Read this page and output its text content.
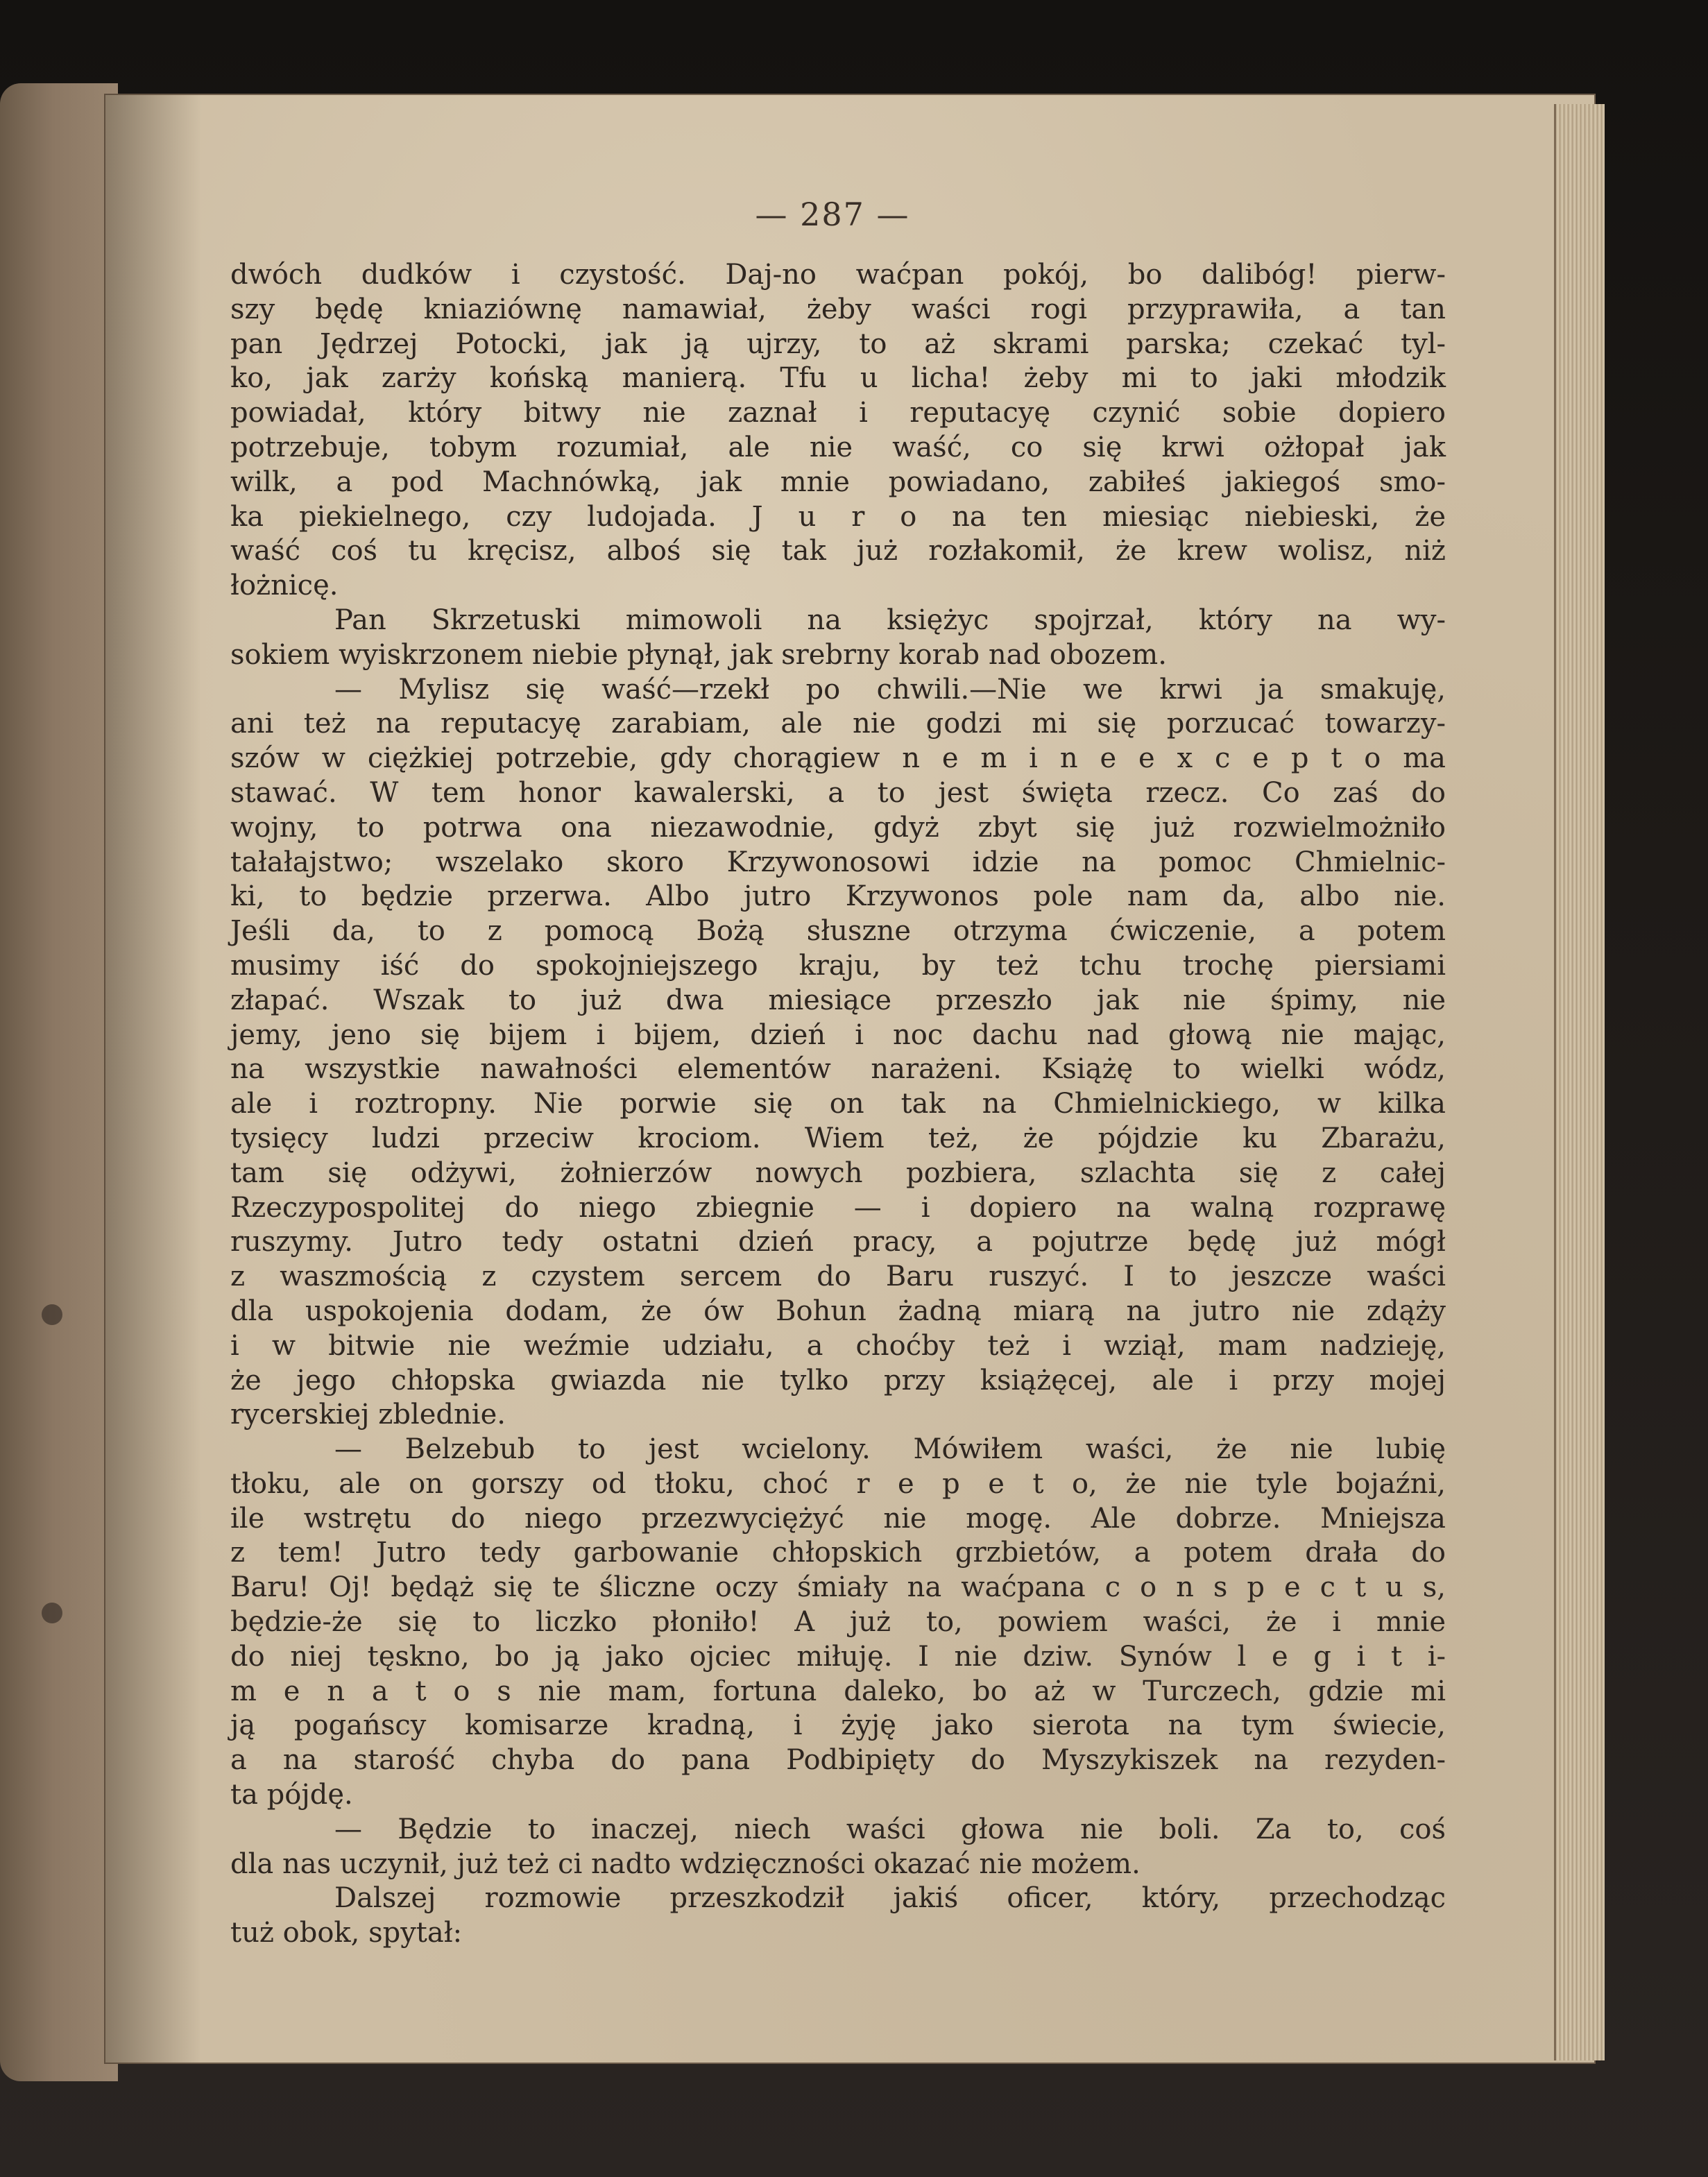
— 287 —
dwóch dudków i czystość. Daj-no waćpan pokój, bo dalibóg! pierw-
szy będę kniaziównę namawiał, żeby waści rogi przyprawiła, a tan
pan Jędrzej Potocki, jak ją ujrzy, to aż skrami parska; czekać tyl-
ko, jak zarży końską manierą. Tfu u licha! żeby mi to jaki młodzik
powiadał, który bitwy nie zaznał i reputacyę czynić sobie dopiero
potrzebuje, tobym rozumiał, ale nie waść, co się krwi ożłopał jak
wilk, a pod Machnówką, jak mnie powiadano, zabiłeś jakiegoś smo-
ka piekielnego, czy ludojada. J u r o na ten miesiąc niebieski, że
waść coś tu kręcisz, alboś się tak już rozłakomił, że krew wolisz, niż
łożnicę.
Pan Skrzetuski mimowoli na księżyc spojrzał, który na wy-
sokiem wyiskrzonem niebie płynął, jak srebrny korab nad obozem.
— Mylisz się waść—rzekł po chwili.—Nie we krwi ja smakuję,
ani też na reputacyę zarabiam, ale nie godzi mi się porzucać towarzy-
szów w ciężkiej potrzebie, gdy chorągiew n e m i n e e x c e p t o ma
stawać. W tem honor kawalerski, a to jest święta rzecz. Co zaś do
wojny, to potrwa ona niezawodnie, gdyż zbyt się już rozwielmożniło
tałałajstwo; wszelako skoro Krzywonosowi idzie na pomoc Chmielnic-
ki, to będzie przerwa. Albo jutro Krzywonos pole nam da, albo nie.
Jeśli da, to z pomocą Bożą słuszne otrzyma ćwiczenie, a potem
musimy iść do spokojniejszego kraju, by też tchu trochę piersiami
złapać. Wszak to już dwa miesiące przeszło jak nie śpimy, nie
jemy, jeno się bijem i bijem, dzień i noc dachu nad głową nie mając,
na wszystkie nawałności elementów narażeni. Książę to wielki wódz,
ale i roztropny. Nie porwie się on tak na Chmielnickiego, w kilka
tysięcy ludzi przeciw krociom. Wiem też, że pójdzie ku Zbarażu,
tam się odżywi, żołnierzów nowych pozbiera, szlachta się z całej
Rzeczypospolitej do niego zbiegnie — i dopiero na walną rozprawę
ruszymy. Jutro tedy ostatni dzień pracy, a pojutrze będę już mógł
z waszmością z czystem sercem do Baru ruszyć. I to jeszcze waści
dla uspokojenia dodam, że ów Bohun żadną miarą na jutro nie zdąży
i w bitwie nie weźmie udziału, a choćby też i wziął, mam nadzieję,
że jego chłopska gwiazda nie tylko przy książęcej, ale i przy mojej
rycerskiej zblednie.
— Belzebub to jest wcielony. Mówiłem waści, że nie lubię
tłoku, ale on gorszy od tłoku, choć r e p e t o, że nie tyle bojaźni,
ile wstrętu do niego przezwyciężyć nie mogę. Ale dobrze. Mniejsza
z tem! Jutro tedy garbowanie chłopskich grzbietów, a potem drała do
Baru! Oj! będąż się te śliczne oczy śmiały na waćpana c o n s p e c t u s,
będzie-że się to liczko płoniło! A już to, powiem waści, że i mnie
do niej tęskno, bo ją jako ojciec miłuję. I nie dziw. Synów l e g i t i-
m e n a t o s nie mam, fortuna daleko, bo aż w Turczech, gdzie mi
ją pogańscy komisarze kradną, i żyję jako sierota na tym świecie,
a na starość chyba do pana Podbipięty do Myszykiszek na rezyden-
ta pójdę.
— Będzie to inaczej, niech waści głowa nie boli. Za to, coś
dla nas uczynił, już też ci nadto wdzięczności okazać nie możem.
Dalszej rozmowie przeszkodził jakiś oficer, który, przechodząc
tuż obok, spytał:
